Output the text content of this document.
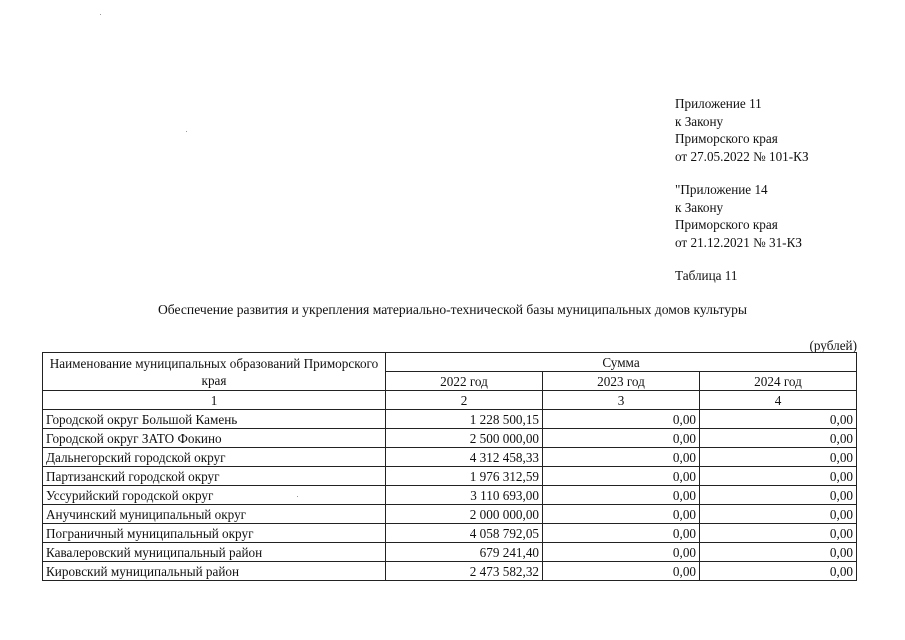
Приложение 11
к Закону
Приморского края
от 27.05.2022 № 101-КЗ
"Приложение 14
к Закону
Приморского края
от 21.12.2021 № 31-КЗ
Таблица 11
Обеспечение развития и укрепления материально-технической базы муниципальных домов культуры
(рублей)
Наименование муниципальных образований Приморского края	Сумма		
	2022 год	2023 год	2024 год
1	2	3	4
Городской округ Большой Камень	1 228 500,15	0,00	0,00
Городской округ ЗАТО Фокино	2 500 000,00	0,00	0,00
Дальнегорский городской округ	4 312 458,33	0,00	0,00
Партизанский городской округ	1 976 312,59	0,00	0,00
Уссурийский городской округ	3 110 693,00	0,00	0,00
Анучинский муниципальный округ	2 000 000,00	0,00	0,00
Пограничный муниципальный округ	4 058 792,05	0,00	0,00
Кавалеровский муниципальный район	679 241,40	0,00	0,00
Кировский муниципальный район	2 473 582,32	0,00	0,00
